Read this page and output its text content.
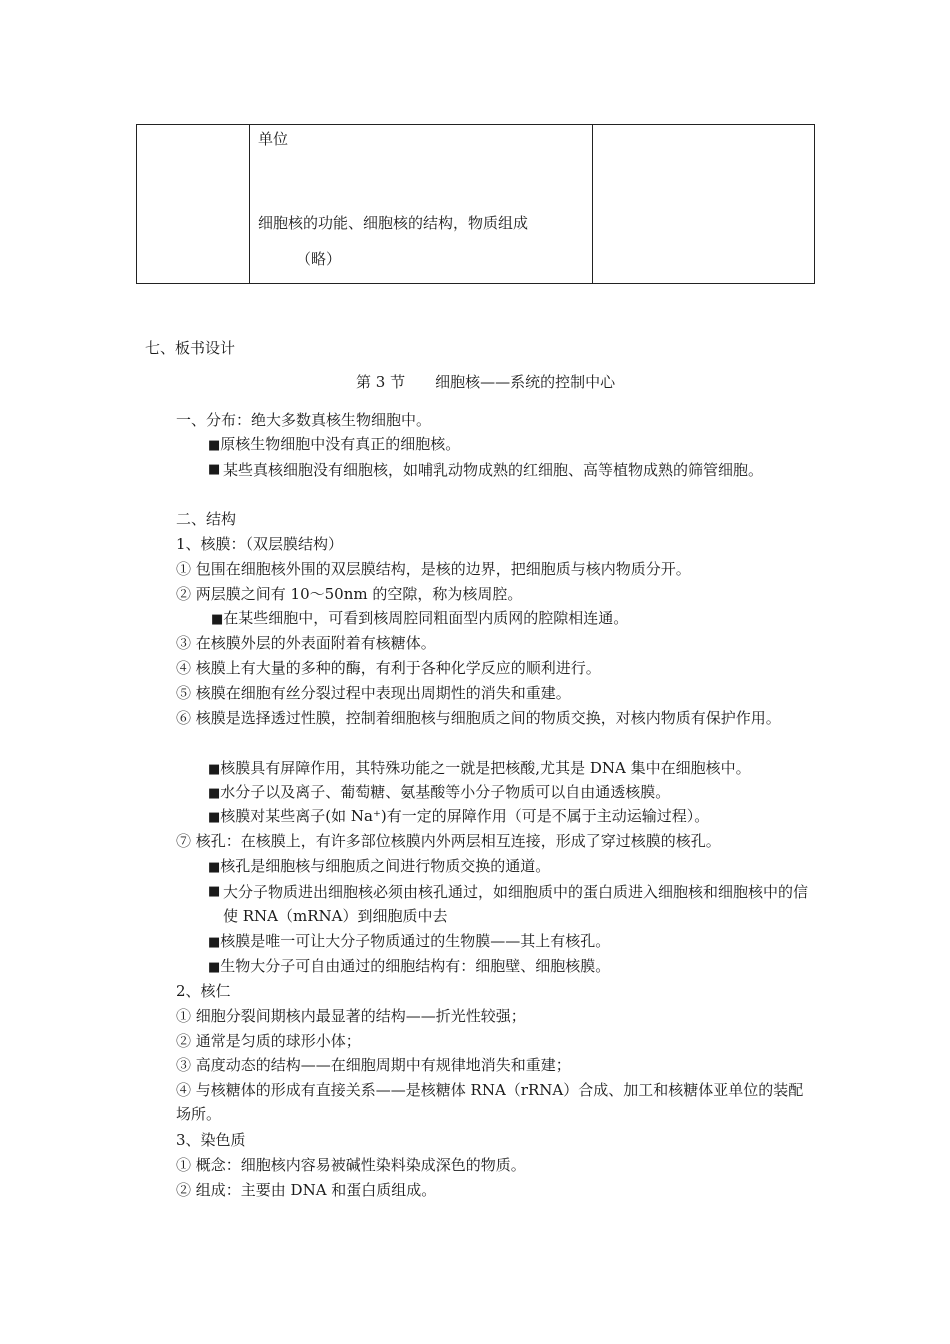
单位
细胞核的功能、细胞核的结构，物质组成
（略）
七、板书设计
第 3 节　　细胞核——系统的控制中心
一、分布：绝大多数真核生物细胞中。
■原核生物细胞中没有真正的细胞核。
■ 某些真核细胞没有细胞核，如哺乳动物成熟的红细胞、高等植物成熟的筛管细胞。
二、结构
1、核膜：（双层膜结构）
① 包围在细胞核外围的双层膜结构，是核的边界，把细胞质与核内物质分开。
② 两层膜之间有 10～50nm 的空隙，称为核周腔。
■在某些细胞中，可看到核周腔同粗面型内质网的腔隙相连通。
③ 在核膜外层的外表面附着有核糖体。
④ 核膜上有大量的多种的酶，有利于各种化学反应的顺利进行。
⑤ 核膜在细胞有丝分裂过程中表现出周期性的消失和重建。
⑥ 核膜是选择透过性膜，控制着细胞核与细胞质之间的物质交换，对核内物质有保护作用。
■核膜具有屏障作用，其特殊功能之一就是把核酸,尤其是 DNA 集中在细胞核中。
■水分子以及离子、葡萄糖、氨基酸等小分子物质可以自由通透核膜。
■核膜对某些离子(如 Na⁺)有一定的屏障作用（可是不属于主动运输过程）。
⑦ 核孔：在核膜上，有许多部位核膜内外两层相互连接，形成了穿过核膜的核孔。
■核孔是细胞核与细胞质之间进行物质交换的通道。
■ 大分子物质进出细胞核必须由核孔通过，如细胞质中的蛋白质进入细胞核和细胞核中的信使 RNA（mRNA）到细胞质中去
■核膜是唯一可让大分子物质通过的生物膜——其上有核孔。
■生物大分子可自由通过的细胞结构有：细胞壁、细胞核膜。
2、核仁
① 细胞分裂间期核内最显著的结构——折光性较强；
② 通常是匀质的球形小体；
③ 高度动态的结构——在细胞周期中有规律地消失和重建；
④ 与核糖体的形成有直接关系——是核糖体 RNA（rRNA）合成、加工和核糖体亚单位的装配场所。
3、染色质
① 概念：细胞核内容易被碱性染料染成深色的物质。
② 组成：主要由 DNA 和蛋白质组成。
